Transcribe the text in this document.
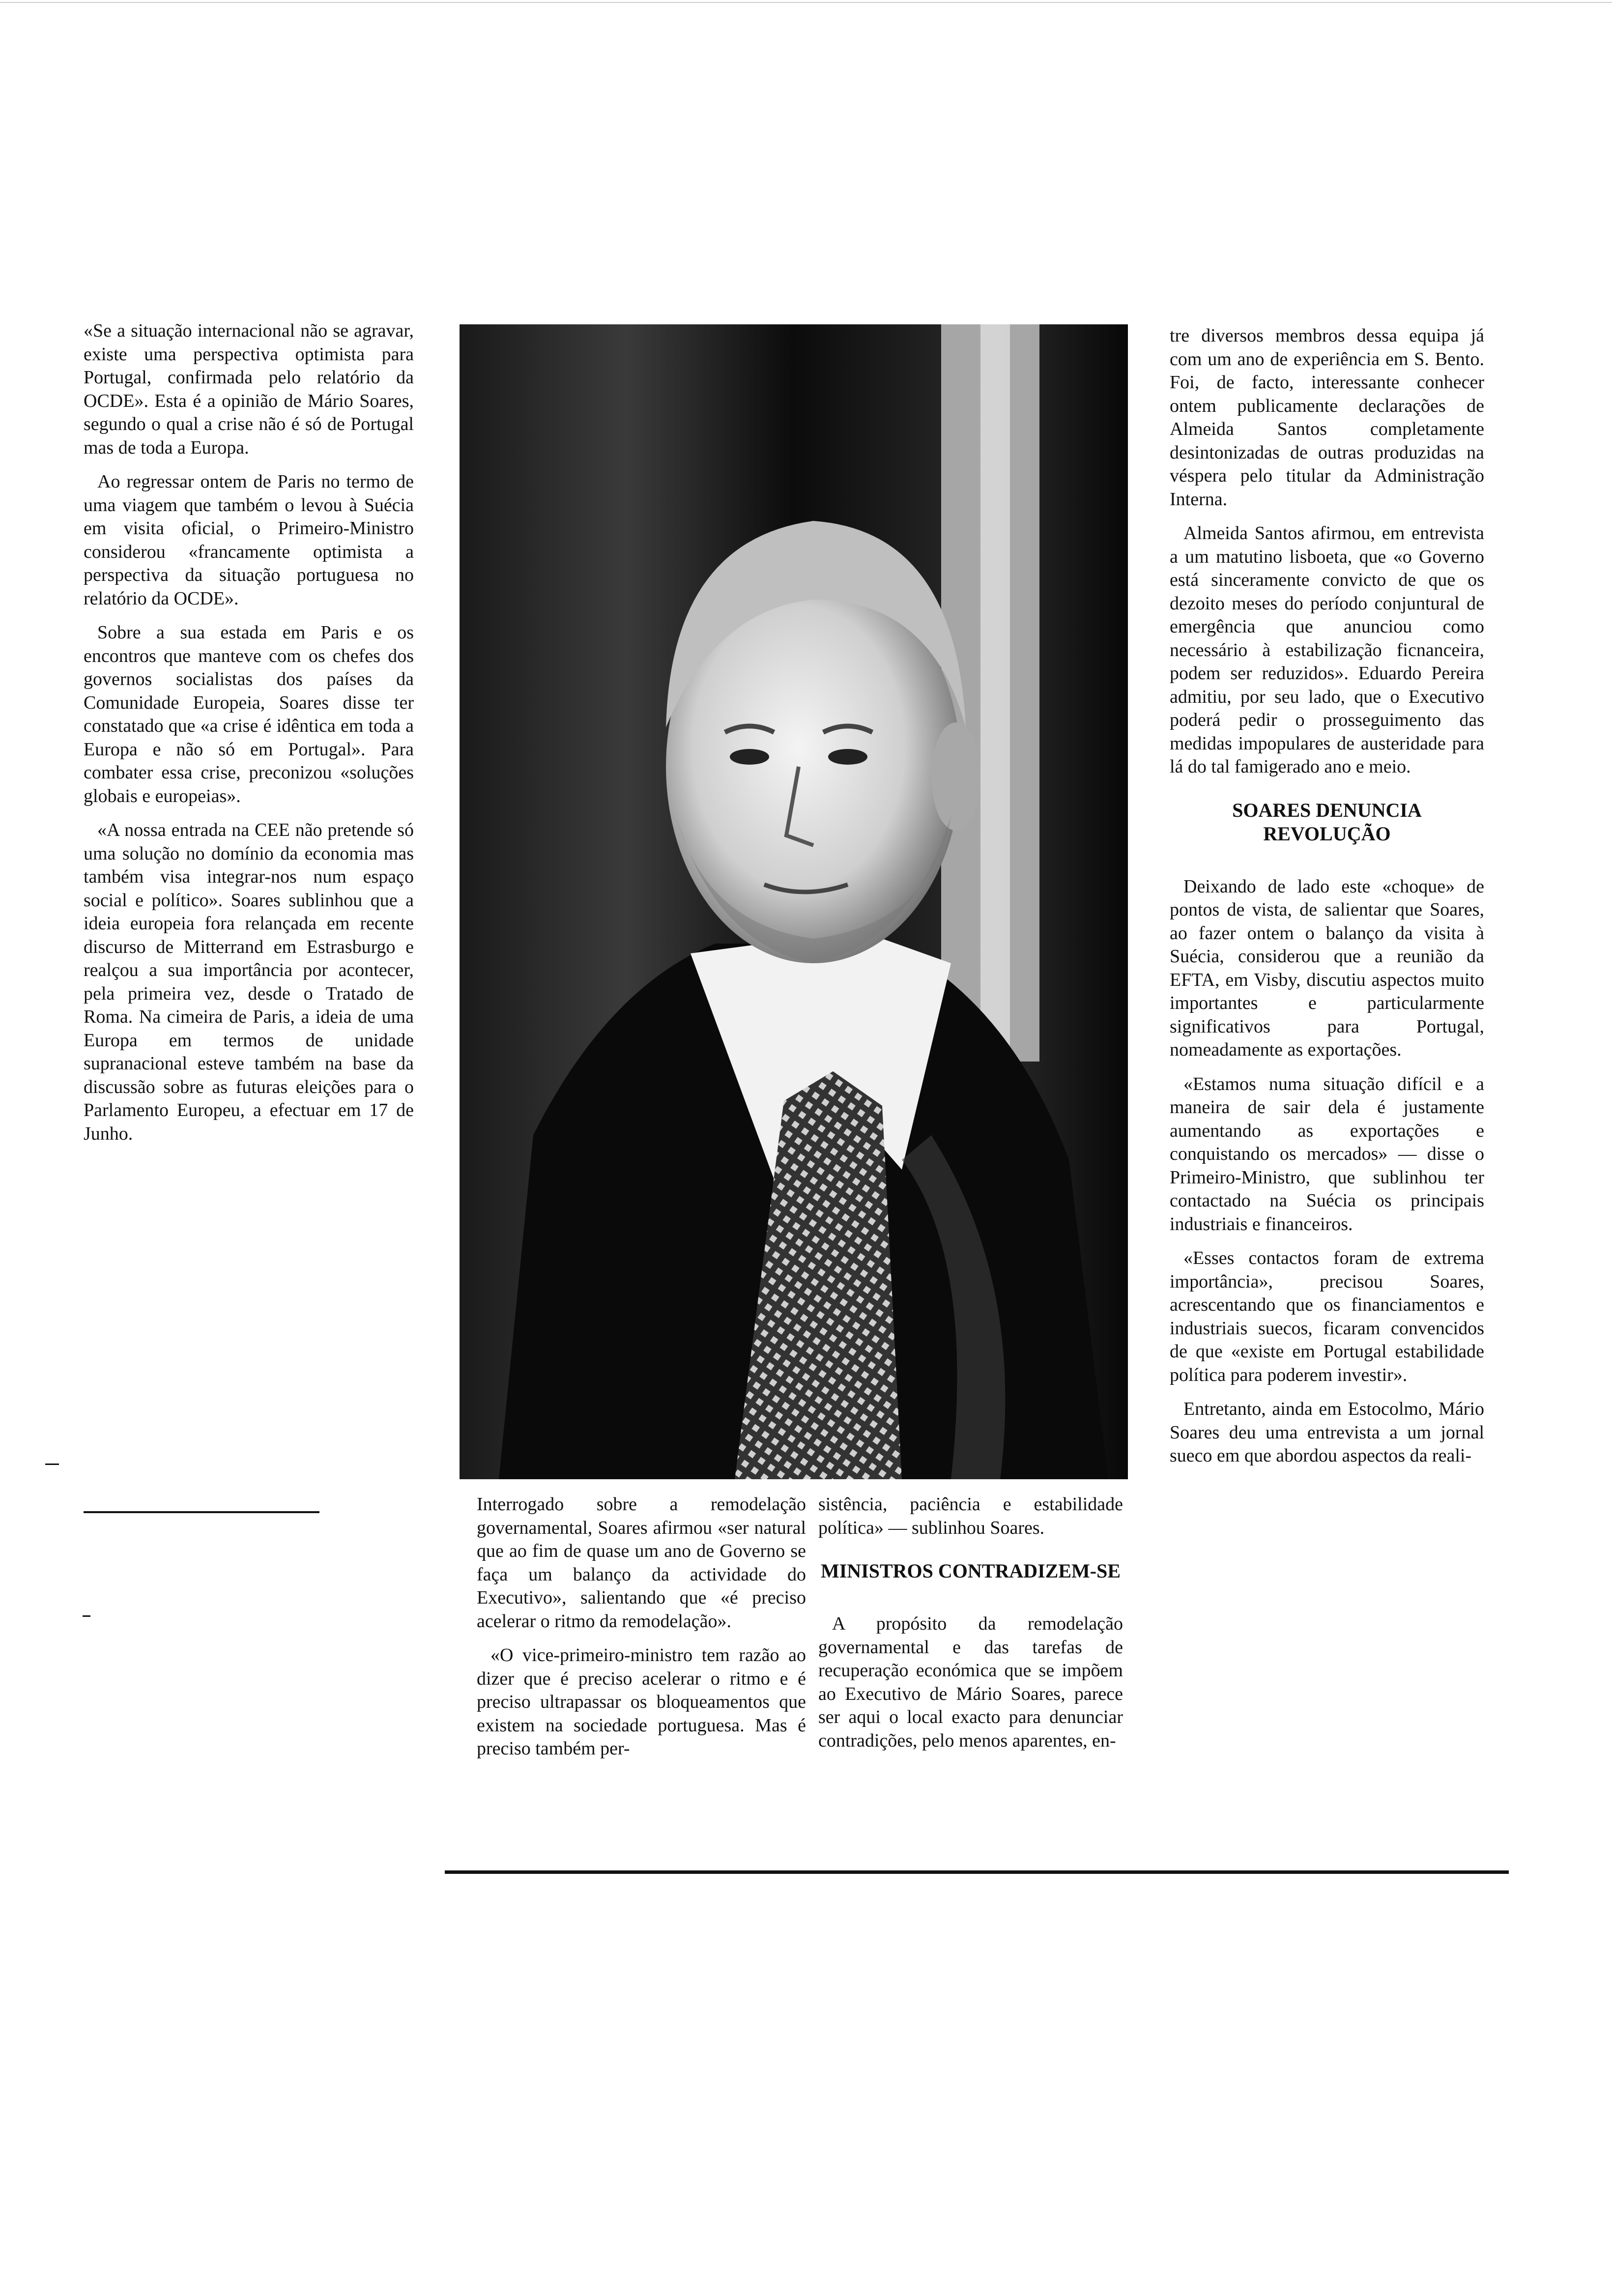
«Se a situação internacional não se agravar, existe uma perspectiva optimista para Portugal, confirmada pelo relatório da OCDE». Esta é a opinião de Mário Soares, segundo o qual a crise não é só de Portugal mas de toda a Europa.

Ao regressar ontem de Paris no termo de uma viagem que também o levou à Suécia em visita oficial, o Primeiro-Ministro considerou «francamente optimista a perspectiva da situação portuguesa no relatório da OCDE».

Sobre a sua estada em Paris e os encontros que manteve com os chefes dos governos socialistas dos países da Comunidade Europeia, Soares disse ter constatado que «a crise é idêntica em toda a Europa e não só em Portugal». Para combater essa crise, preconizou «soluções globais e europeias».

«A nossa entrada na CEE não pretende só uma solução no domínio da economia mas também visa integrar-nos num espaço social e político». Soares sublinhou que a ideia europeia fora relançada em recente discurso de Mitterrand em Estrasburgo e realçou a sua importância por acontecer, pela primeira vez, desde o Tratado de Roma. Na cimeira de Paris, a ideia de uma Europa em termos de unidade supranacional esteve também na base da discussão sobre as futuras eleições para o Parlamento Europeu, a efectuar em 17 de Junho.

Interrogado sobre a remodelação governamental, Soares afirmou «ser natural que ao fim de quase um ano de Governo se faça um balanço da actividade do Executivo», salientando que «é preciso acelerar o ritmo da remodelação».

«O vice-primeiro-ministro tem razão ao dizer que é preciso acelerar o ritmo e é preciso ultrapassar os bloqueamentos que existem na sociedade portuguesa. Mas é preciso também per-

sistência, paciência e estabilidade política» — sublinhou Soares.

MINISTROS CONTRADIZEM-SE

A propósito da remodelação governamental e das tarefas de recuperação económica que se impõem ao Executivo de Mário Soares, parece ser aqui o local exacto para denunciar contradições, pelo menos aparentes, en-

tre diversos membros dessa equipa já com um ano de experiência em S. Bento. Foi, de facto, interessante conhecer ontem publicamente declarações de Almeida Santos completamente desintonizadas de outras produzidas na véspera pelo titular da Administração Interna.

Almeida Santos afirmou, em entrevista a um matutino lisboeta, que «o Governo está sinceramente convicto de que os dezoito meses do período conjuntural de emergência que anunciou como necessário à estabilização ficnanceira, podem ser reduzidos». Eduardo Pereira admitiu, por seu lado, que o Executivo poderá pedir o prosseguimento das medidas impopulares de austeridade para lá do tal famigerado ano e meio.

SOARES DENUNCIA REVOLUÇÃO

Deixando de lado este «choque» de pontos de vista, de salientar que Soares, ao fazer ontem o balanço da visita à Suécia, considerou que a reunião da EFTA, em Visby, discutiu aspectos muito importantes e particularmente significativos para Portugal, nomeadamente as exportações.

«Estamos numa situação difícil e a maneira de sair dela é justamente aumentando as exportações e conquistando os mercados» — disse o Primeiro-Ministro, que sublinhou ter contactado na Suécia os principais industriais e financeiros.

«Esses contactos foram de extrema importância», precisou Soares, acrescentando que os financiamentos e industriais suecos, ficaram convencidos de que «existe em Portugal estabilidade política para poderem investir».

Entretanto, ainda em Estocolmo, Mário Soares deu uma entrevista a um jornal sueco em que abordou aspectos da reali-
